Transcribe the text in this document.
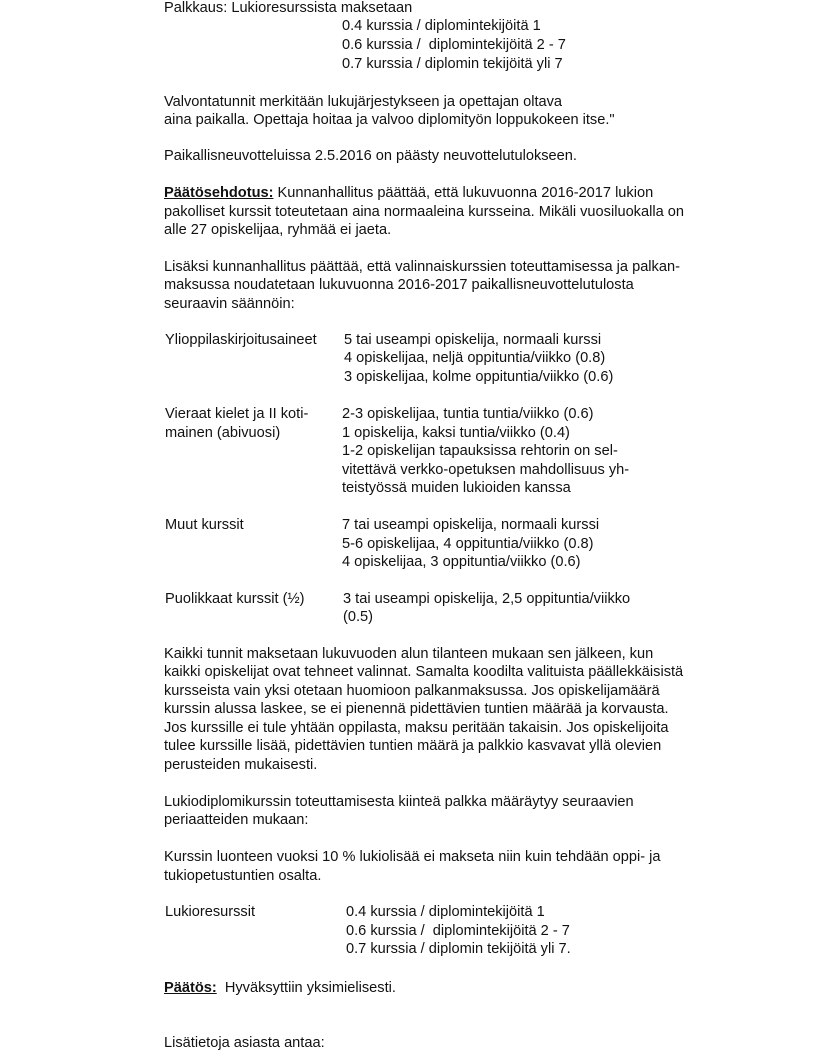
Palkkaus: Lukioresurssista maksetaan
0.4 kurssia / diplomintekijöitä 1
0.6 kurssia /  diplomintekijöitä 2 - 7
0.7 kurssia / diplomin tekijöitä yli 7
Valvontatunnit merkitään lukujärjestykseen ja opettajan oltava
aina paikalla. Opettaja hoitaa ja valvoo diplomityön loppukokeen itse."
Paikallisneuvotteluissa 2.5.2016 on päästy neuvottelutulokseen.
Päätösehdotus: Kunnanhallitus päättää, että lukuvuonna 2016-2017 lukion
pakolliset kurssit toteutetaan aina normaaleina kursseina. Mikäli vuosiluokalla on
alle 27 opiskelijaa, ryhmää ei jaeta.
Lisäksi kunnanhallitus päättää, että valinnaiskurssien toteuttamisessa ja palkan-
maksussa noudatetaan lukuvuonna 2016-2017 paikallisneuvottelutulosta
seuraavin säännöin:
Ylioppilaskirjoitusaineet 5 tai useampi opiskelija, normaali kurssi
4 opiskelijaa, neljä oppituntia/viikko (0.8)
3 opiskelijaa, kolme oppituntia/viikko (0.6)
Vieraat kielet ja II koti-
mainen (abivuosi)
2-3 opiskelijaa, tuntia tuntia/viikko (0.6)
1 opiskelija, kaksi tuntia/viikko (0.4)
1-2 opiskelijan tapauksissa rehtorin on sel-
vitettävä verkko-opetuksen mahdollisuus yh-
teistyössä muiden lukioiden kanssa
Muut kurssit	7 tai useampi opiskelija, normaali kurssi
5-6 opiskelijaa, 4 oppituntia/viikko (0.8)
4 opiskelijaa, 3 oppituntia/viikko (0.6)
Puolikkaat kurssit (½)	3 tai useampi opiskelija, 2,5 oppituntia/viikko
(0.5)
Kaikki tunnit maksetaan lukuvuoden alun tilanteen mukaan sen jälkeen, kun
kaikki opiskelijat ovat tehneet valinnat. Samalta koodilta valituista päällekkäisistä
kursseista vain yksi otetaan huomioon palkanmaksussa. Jos opiskelijamäärä
kurssin alussa laskee, se ei pienennä pidettävien tuntien määrää ja korvausta.
Jos kurssille ei tule yhtään oppilasta, maksu peritään takaisin. Jos opiskelijoita
tulee kurssille lisää, pidettävien tuntien määrä ja palkkio kasvavat yllä olevien
perusteiden mukaisesti.
Lukiodiplomikurssin toteuttamisesta kiinteä palkka määräytyy seuraavien
periaatteiden mukaan:
Kurssin luonteen vuoksi 10 % lukiolisää ei makseta niin kuin tehdään oppi- ja
tukiopetustuntien osalta.
Lukioresurssit	0.4 kurssia / diplomintekijöitä 1
0.6 kurssia /  diplomintekijöitä 2 - 7
0.7 kurssia / diplomin tekijöitä yli 7.
Päätös:  Hyväksyttiin yksimielisesti.
Lisätietoja asiasta antaa:
